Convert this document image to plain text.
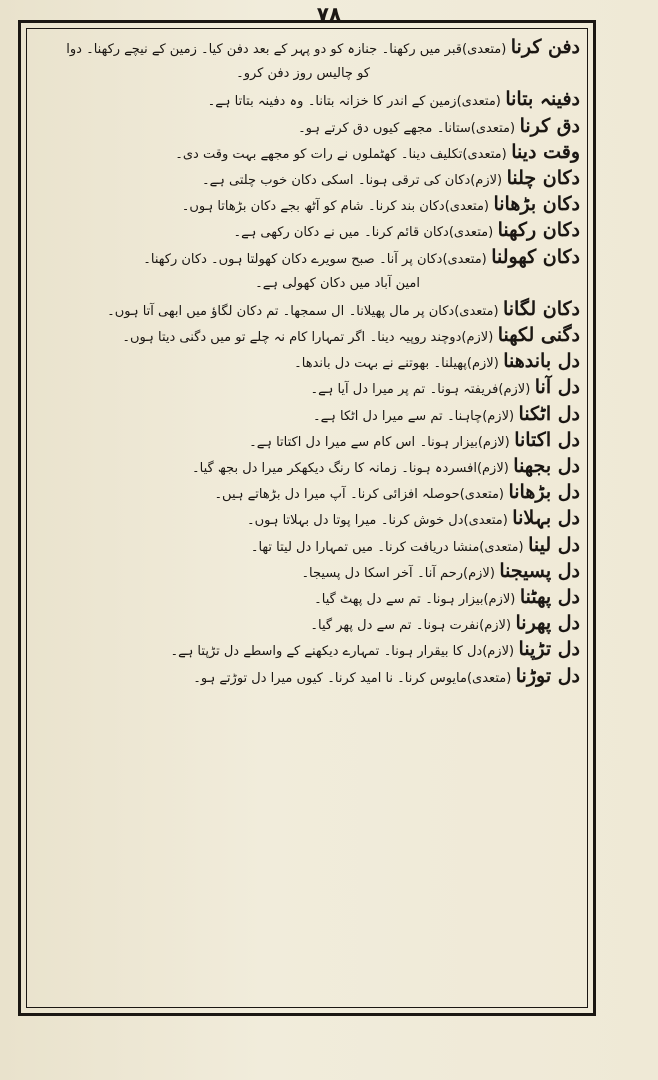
۷۸
دفن کرنا (متعدی)قبر میں رکھنا۔ جنازہ کو دو پہر کے بعد دفن کیا۔ زمین کے نیچے رکھنا۔ دوا
کو چالیس روز دفن کرو۔
دفینہ بتانا (متعدی)زمین کے اندر کا خزانہ بتانا۔ وہ دفینہ بتاتا ہے۔
دق کرنا (متعدی)ستانا۔ مجھے کیوں دق کرتے ہو۔
وقت دینا (متعدی)تکلیف دینا۔ کھٹملوں نے رات کو مجھے بہت وقت دی۔
دکان چلنا (لازم)دکان کی ترقی ہونا۔ اسکی دکان خوب چلتی ہے۔
دکان بڑھانا (متعدی)دکان بند کرنا۔ شام کو آٹھ بجے دکان بڑھاتا ہوں۔
دکان رکھنا (متعدی)دکان قائم کرنا۔ میں نے دکان رکھی ہے۔
دکان کھولنا (متعدی)دکان پر آنا۔ صبح سویرے دکان کھولتا ہوں۔ دکان رکھنا۔
امین آباد میں دکان کھولی ہے۔
دکان لگانا (متعدی)دکان پر مال پھیلانا۔ ال سمجھا۔ تم دکان لگاؤ میں ابھی آتا ہوں۔
دگنی لکھنا (لازم)دوچند روپیہ دینا۔ اگر تمہارا کام نہ چلے تو میں دگنی دیتا ہوں۔
دل باندھنا (لازم)پھیلنا۔ بھوتنے نے بہت دل باندھا۔
دل آنا (لازم)فریفتہ ہونا۔ تم پر میرا دل آیا ہے۔
دل اٹکنا (لازم)چاہنا۔ تم سے میرا دل اٹکا ہے۔
دل اکتانا (لازم)بیزار ہونا۔ اس کام سے میرا دل اکتاتا ہے۔
دل بجھنا (لازم)افسردہ ہونا۔ زمانہ کا رنگ دیکھکر میرا دل بجھ گیا۔
دل بڑھانا (متعدی)حوصلہ افزائی کرنا۔ آپ میرا دل بڑھاتے ہیں۔
دل بہلانا (متعدی)دل خوش کرنا۔ میرا پوتا دل بہلاتا ہوں۔
دل لینا (متعدی)منشا دریافت کرنا۔ میں تمہارا دل لیتا تھا۔
دل پسیجنا (لازم)رحم آنا۔ آخر اسکا دل پسیجا۔
دل پھٹنا (لازم)بیزار ہونا۔ تم سے دل پھٹ گیا۔
دل پھرنا (لازم)نفرت ہونا۔ تم سے دل پھر گیا۔
دل تڑپنا (لازم)دل کا بیقرار ہونا۔ تمہارے دیکھنے کے واسطے دل تڑپتا ہے۔
دل توڑنا (متعدی)مایوس کرنا۔ نا امید کرنا۔ کیوں میرا دل توڑتے ہو۔
